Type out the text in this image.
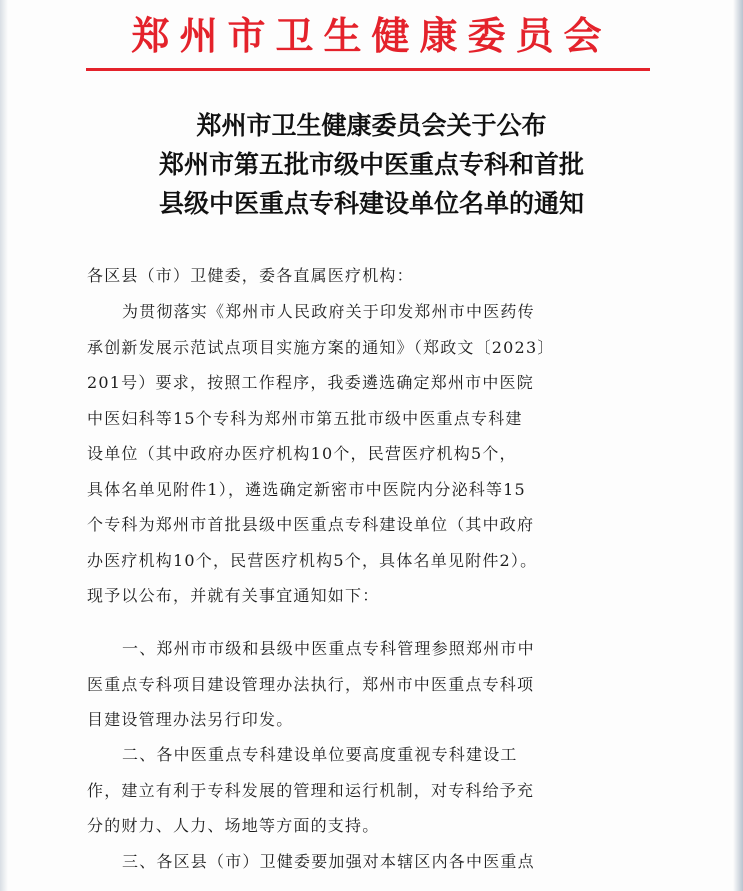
郑州市卫生健康委员会
郑州市卫生健康委员会关于公布
郑州市第五批市级中医重点专科和首批
县级中医重点专科建设单位名单的通知
各区县（市）卫健委，委各直属医疗机构：
为贯彻落实《郑州市人民政府关于印发郑州市中医药传
承创新发展示范试点项目实施方案的通知》（郑政文〔2023〕
201号）要求，按照工作程序，我委遴选确定郑州市中医院
中医妇科等15个专科为郑州市第五批市级中医重点专科建
设单位（其中政府办医疗机构10个，民营医疗机构5个，
具体名单见附件1），遴选确定新密市中医院内分泌科等15
个专科为郑州市首批县级中医重点专科建设单位（其中政府
办医疗机构10个，民营医疗机构5个，具体名单见附件2）。
现予以公布，并就有关事宜通知如下：
一、郑州市市级和县级中医重点专科管理参照郑州市中
医重点专科项目建设管理办法执行，郑州市中医重点专科项
目建设管理办法另行印发。
二、各中医重点专科建设单位要高度重视专科建设工
作，建立有利于专科发展的管理和运行机制，对专科给予充
分的财力、人力、场地等方面的支持。
三、各区县（市）卫健委要加强对本辖区内各中医重点
